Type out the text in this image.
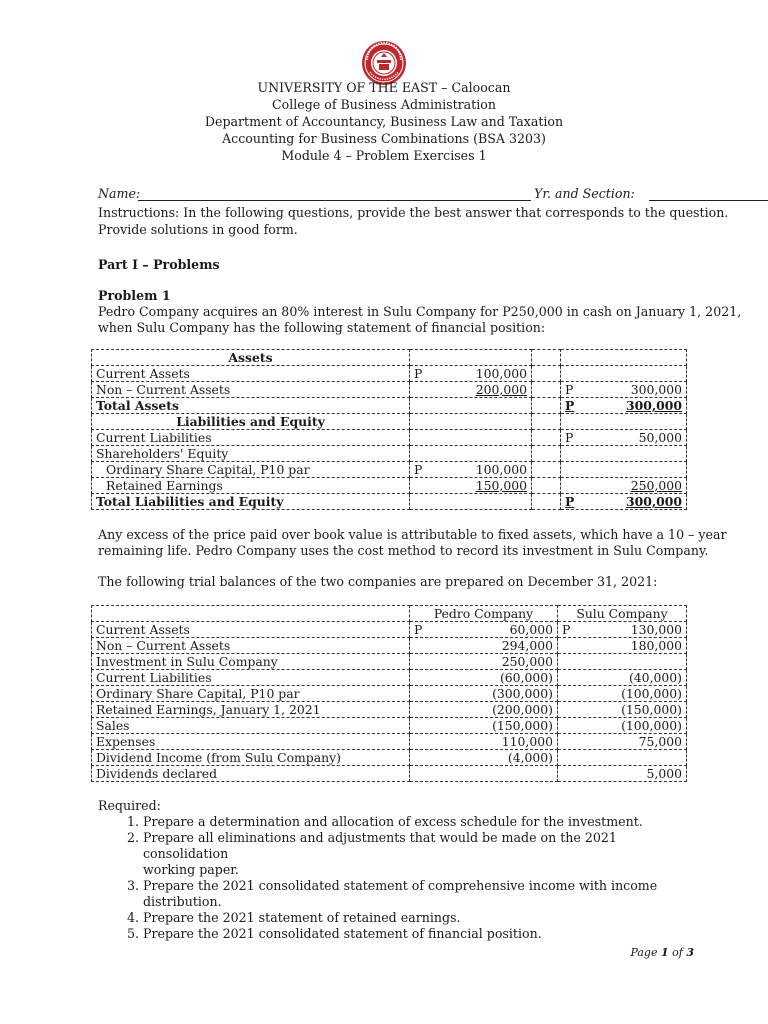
UNIVERSITY OF THE EAST – Caloocan
College of Business Administration
Department of Accountancy, Business Law and Taxation
Accounting for Business Combinations (BSA 3203)
Module 4 – Problem Exercises 1
Name:	Yr. and Section:
Instructions: In the following questions, provide the best answer that corresponds to the question.
Provide solutions in good form.
Part I – Problems
Problem 1
Pedro Company acquires an 80% interest in Sulu Company for P250,000 in cash on January 1, 2021,
when Sulu Company has the following statement of financial position:
Assets			
Current Assets	P 100,000		
Non – Current Assets	200,000		P 300,000
Total Assets			P 300,000
Liabilities and Equity			
Current Liabilities			P 50,000
Shareholders' Equity			
Ordinary Share Capital, P10 par	P 100,000		
Retained Earnings	150,000		250,000
Total Liabilities and Equity			P 300,000
Any excess of the price paid over book value is attributable to fixed assets, which have a 10 – year
remaining life. Pedro Company uses the cost method to record its investment in Sulu Company.
The following trial balances of the two companies are prepared on December 31, 2021:
	Pedro Company	Sulu Company
Current Assets	P 60,000	P 130,000
Non – Current Assets	294,000	180,000
Investment in Sulu Company	250,000	

Current Liabilities	(60,000)	(40,000)
Ordinary Share Capital, P10 par	(300,000)	(100,000)
Retained Earnings, January 1, 2021	(200,000)	(150,000)
Sales	(150,000)	(100,000)
Expenses	110,000	75,000
Dividend Income (from Sulu Company)	(4,000)	

Dividends declared		5,000
Required:
1. Prepare a determination and allocation of excess schedule for the investment.
2. Prepare all eliminations and adjustments that would be made on the 2021 consolidation
working paper.
3. Prepare the 2021 consolidated statement of comprehensive income with income distribution.
4. Prepare the 2021 statement of retained earnings.
5. Prepare the 2021 consolidated statement of financial position.
Page 1 of 3
